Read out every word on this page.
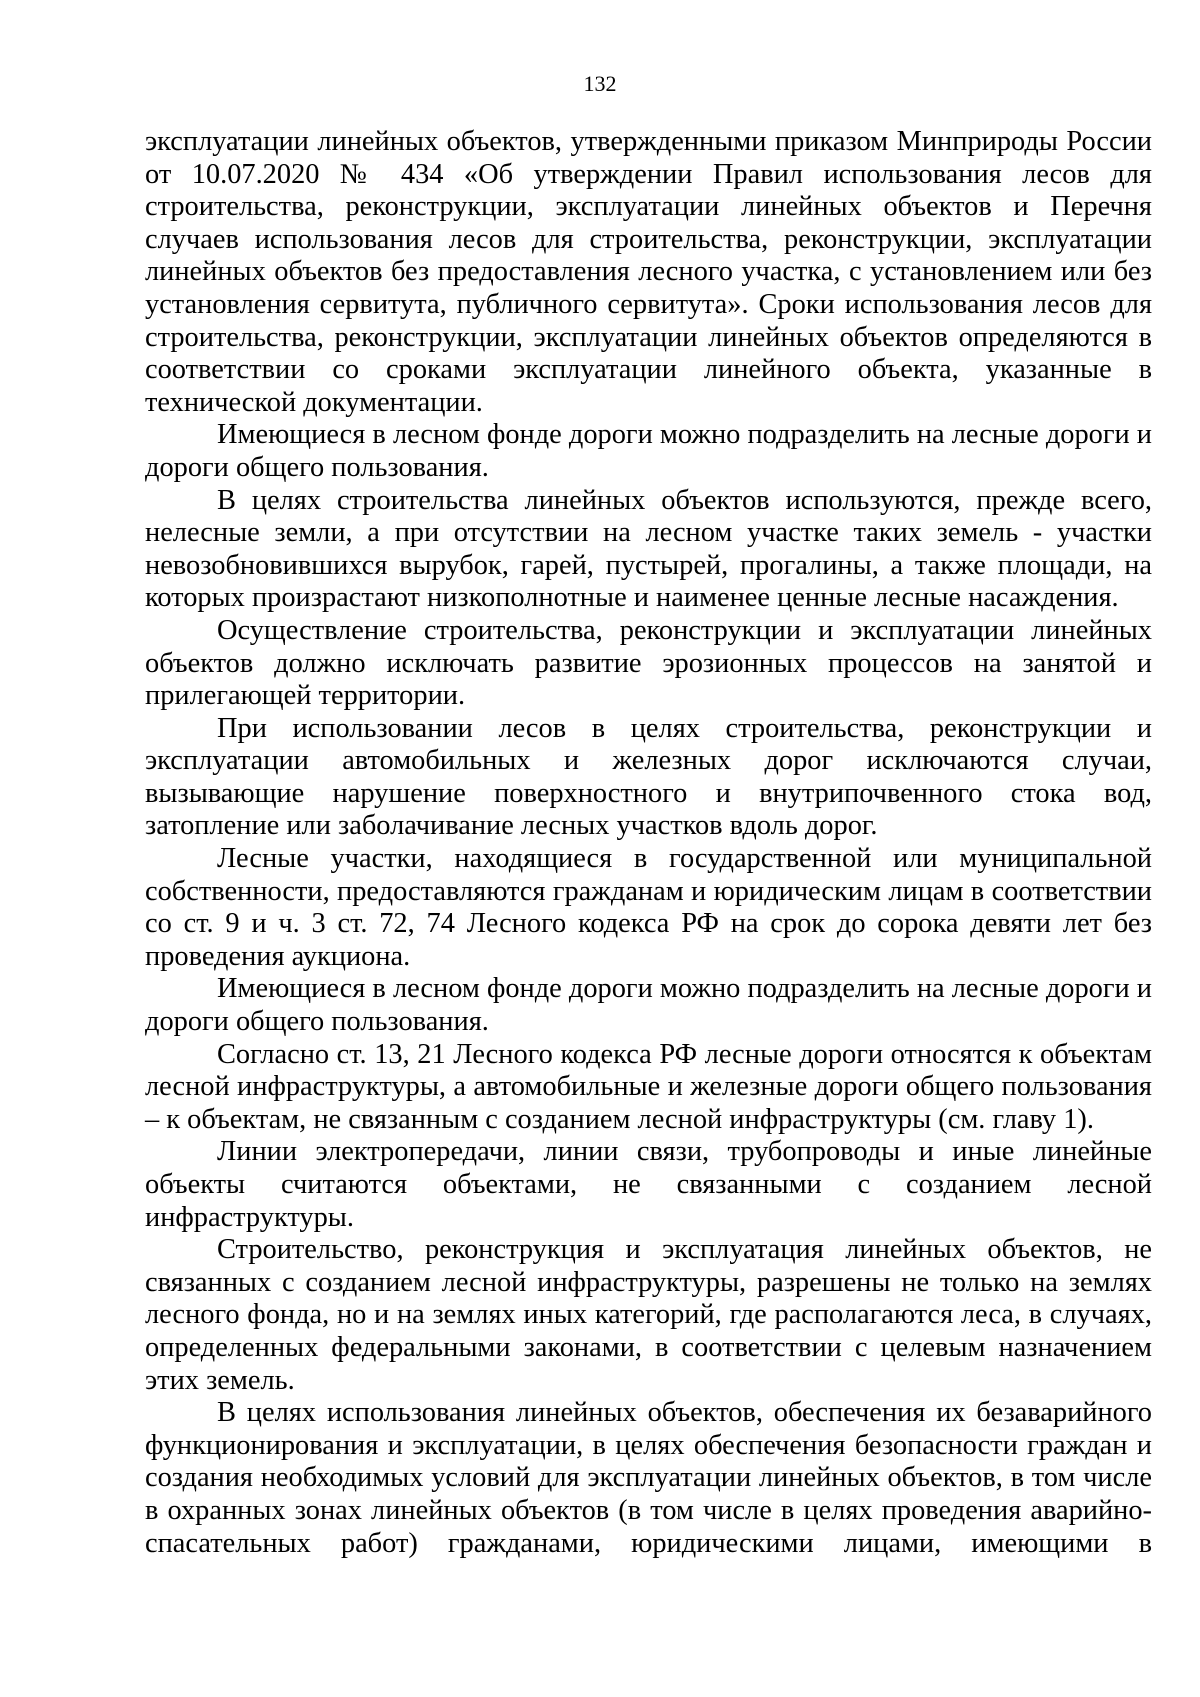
132

эксплуатации линейных объектов, утвержденными приказом Минприроды России от 10.07.2020 № 434 «Об утверждении Правил использования лесов для строительства, реконструкции, эксплуатации линейных объектов и Перечня случаев использования лесов для строительства, реконструкции, эксплуатации линейных объектов без предоставления лесного участка, с установлением или без установления сервитута, публичного сервитута». Сроки использования лесов для строительства, реконструкции, эксплуатации линейных объектов определяются в соответствии со сроками эксплуатации линейного объекта, указанные в технической документации.

Имеющиеся в лесном фонде дороги можно подразделить на лесные дороги и дороги общего пользования.

В целях строительства линейных объектов используются, прежде всего, нелесные земли, а при отсутствии на лесном участке таких земель - участки невозобновившихся вырубок, гарей, пустырей, прогалины, а также площади, на которых произрастают низкополнотные и наименее ценные лесные насаждения.

Осуществление строительства, реконструкции и эксплуатации линейных объектов должно исключать развитие эрозионных процессов на занятой и прилегающей территории.

При использовании лесов в целях строительства, реконструкции и эксплуатации автомобильных и железных дорог исключаются случаи, вызывающие нарушение поверхностного и внутрипочвенного стока вод, затопление или заболачивание лесных участков вдоль дорог.

Лесные участки, находящиеся в государственной или муниципальной собственности, предоставляются гражданам и юридическим лицам в соответствии со ст. 9 и ч. 3 ст. 72, 74 Лесного кодекса РФ на срок до сорока девяти лет без проведения аукциона.

Имеющиеся в лесном фонде дороги можно подразделить на лесные дороги и дороги общего пользования.

Согласно ст. 13, 21 Лесного кодекса РФ лесные дороги относятся к объектам лесной инфраструктуры, а автомобильные и железные дороги общего пользования – к объектам, не связанным с созданием лесной инфраструктуры (см. главу 1).

Линии электропередачи, линии связи, трубопроводы и иные линейные объекты считаются объектами, не связанными с созданием лесной инфраструктуры.

Строительство, реконструкция и эксплуатация линейных объектов, не связанных с созданием лесной инфраструктуры, разрешены не только на землях лесного фонда, но и на землях иных категорий, где располагаются леса, в случаях, определенных федеральными законами, в соответствии с целевым назначением этих земель.

В целях использования линейных объектов, обеспечения их безаварийного функционирования и эксплуатации, в целях обеспечения безопасности граждан и создания необходимых условий для эксплуатации линейных объектов, в том числе в охранных зонах линейных объектов (в том числе в целях проведения аварийно-спасательных работ) гражданами, юридическими лицами, имеющими в
